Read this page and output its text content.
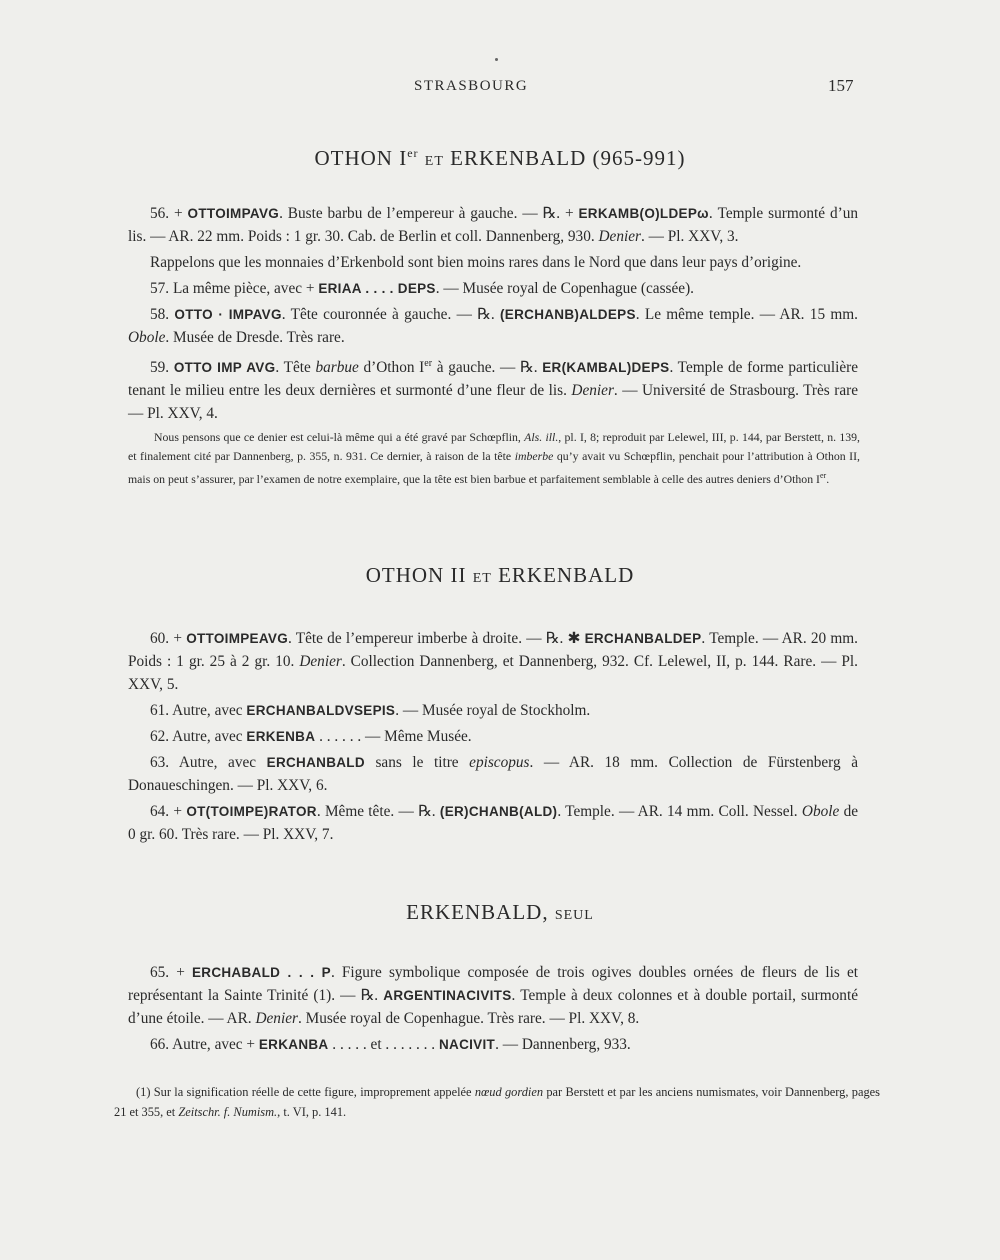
STRASBOURG	157
OTHON Ier ET ERKENBALD (965-991)

56. + OTTOIMPAVG. Buste barbu de l’empereur à gauche. — ℞. + ERKAMB(O)LDEPω. Temple surmonté d’un lis. — AR. 22 mm. Poids : 1 gr. 30. Cab. de Berlin et coll. Dannenberg, 930. Denier. — Pl. XXV, 3.

Rappelons que les monnaies d’Erkenbold sont bien moins rares dans le Nord que dans leur pays d’origine.

57. La même pièce, avec + ERIAA . . . . DEPS. — Musée royal de Copenhague (cassée).

58. OTTO · IMPAVG. Tête couronnée à gauche. — ℞. (ERCHANB)ALDEPS. Le même temple. — AR. 15 mm. Obole. Musée de Dresde. Très rare.

59. OTTO IMP AVG. Tête barbue d’Othon Ier à gauche. — ℞. ER(KAMBAL)DEPS. Temple de forme particulière tenant le milieu entre les deux dernières et surmonté d’une fleur de lis. Denier. — Université de Strasbourg. Très rare — Pl. XXV, 4.

Nous pensons que ce denier est celui-là même qui a été gravé par Schœpflin, Als. ill., pl. I, 8; reproduit par Lelewel, III, p. 144, par Berstett, n. 139, et finalement cité par Dannenberg, p. 355, n. 931. Ce dernier, à raison de la tête imberbe qu’y avait vu Schœpflin, penchait pour l’attribution à Othon II, mais on peut s’assurer, par l’examen de notre exemplaire, que la tête est bien barbue et parfaitement semblable à celle des autres deniers d’Othon Ier.

OTHON II ET ERKENBALD

60. + OTTOIMPEAVG. Tête de l’empereur imberbe à droite. — ℞. ✱ ERCHANBALDEP. Temple. — AR. 20 mm. Poids : 1 gr. 25 à 2 gr. 10. Denier. Collection Dannenberg, et Dannenberg, 932. Cf. Lelewel, II, p. 144. Rare. — Pl. XXV, 5.

61. Autre, avec ERCHANBALDVSEPIS. — Musée royal de Stockholm.

62. Autre, avec ERKENBA . . . . . . — Même Musée.

63. Autre, avec ERCHANBALD sans le titre episcopus. — AR. 18 mm. Collection de Fürstenberg à Donaueschingen. — Pl. XXV, 6.

64. + OT(TOIMPE)RATOR. Même tête. — ℞. (ER)CHANB(ALD). Temple. — AR. 14 mm. Coll. Nessel. Obole de 0 gr. 60. Très rare. — Pl. XXV, 7.

ERKENBALD, SEUL

65. + ERCHABALD . . . P. Figure symbolique composée de trois ogives doubles ornées de fleurs de lis et représentant la Sainte Trinité (1). — ℞. ARGENTINACIVITS. Temple à deux colonnes et à double portail, surmonté d’une étoile. — AR. Denier. Musée royal de Copenhague. Très rare. — Pl. XXV, 8.

66. Autre, avec + ERKANBA . . . . . et . . . . . . . NACIVIT. — Dannenberg, 933.

(1) Sur la signification réelle de cette figure, improprement appelée nœud gordien par Berstett et par les anciens numismates, voir Dannenberg, pages 21 et 355, et Zeitschr. f. Numism., t. VI, p. 141.
